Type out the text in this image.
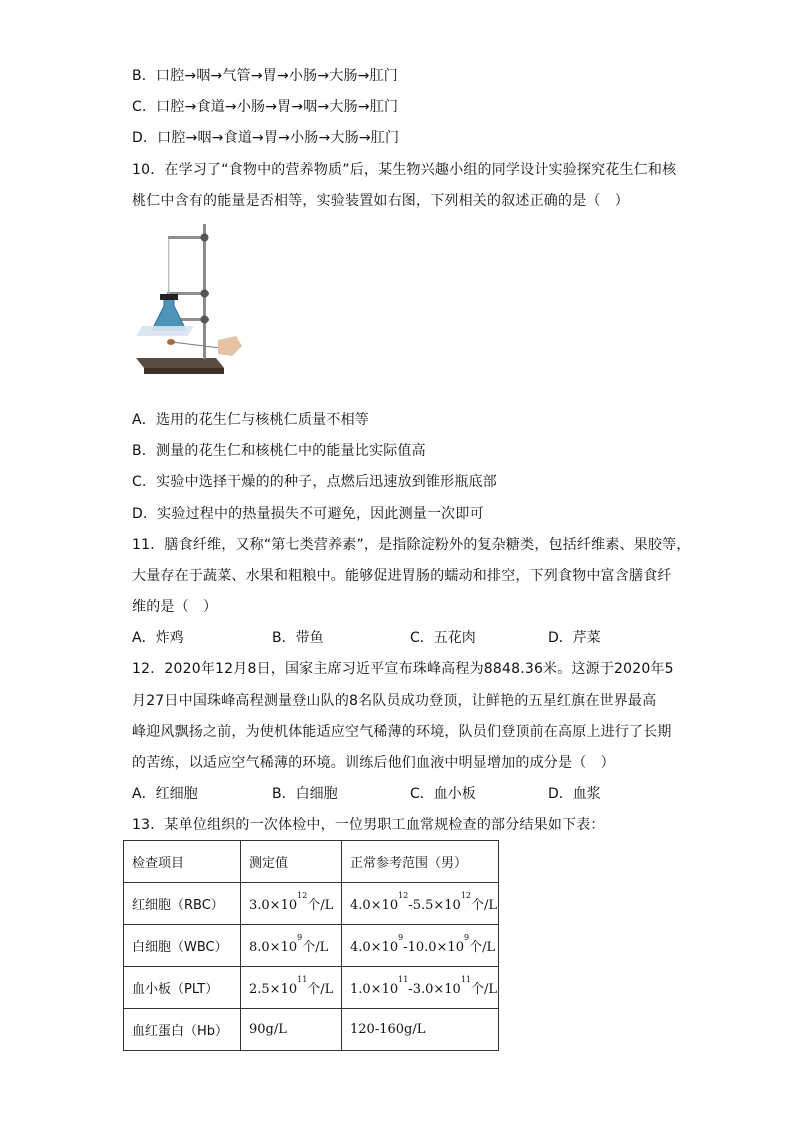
B．口腔→咽→气管→胃→小肠→大肠→肛门
C．口腔→食道→小肠→胃→咽→大肠→肛门
D．口腔→咽→食道→胃→小肠→大肠→肛门
10．在学习了“食物中的营养物质”后，某生物兴趣小组的同学设计实验探究花生仁和核
桃仁中含有的能量是否相等，实验装置如右图，下列相关的叙述正确的是（　）
A．选用的花生仁与核桃仁质量不相等
B．测量的花生仁和核桃仁中的能量比实际值高
C．实验中选择干燥的的种子，点燃后迅速放到锥形瓶底部
D．实验过程中的热量损失不可避免，因此测量一次即可
11．膳食纤维，又称“第七类营养素”，是指除淀粉外的复杂糖类，包括纤维素、果胶等，
大量存在于蔬菜、水果和粗粮中。能够促进胃肠的蠕动和排空，下列食物中富含膳食纤
维的是（　）
A．炸鸡	B．带鱼	C．五花肉	D．芹菜
12．2020年12月8日，国家主席习近平宣布珠峰高程为8848.36米。这源于2020年5
月27日中国珠峰高程测量登山队的8名队员成功登顶，让鲜艳的五星红旗在世界最高
峰迎风飘扬之前，为使机体能适应空气稀薄的环境，队员们登顶前在高原上进行了长期
的苦练，以适应空气稀薄的环境。训练后他们血液中明显增加的成分是（　）
A．红细胞	B．白细胞	C．血小板	D．血浆
13．某单位组织的一次体检中，一位男职工血常规检查的部分结果如下表：
检查项目	测定值	正常参考范围（男）
红细胞（RBC）	$3.0\times 10^{12}$个/L	$4.0\times 10^{12}-5.5\times 10^{12}$个/L
白细胞（WBC）	$8.0\times 10^9$个/L	$4.0\times 10^9-10.0\times 10^9$个/L
血小板（PLT）	$2.5\times 10^{11}$个/L	$1.0\times 10^{11}-3.0\times 10^{11}$个/L
血红蛋白（Hb）	90g/L	120-160g/L
